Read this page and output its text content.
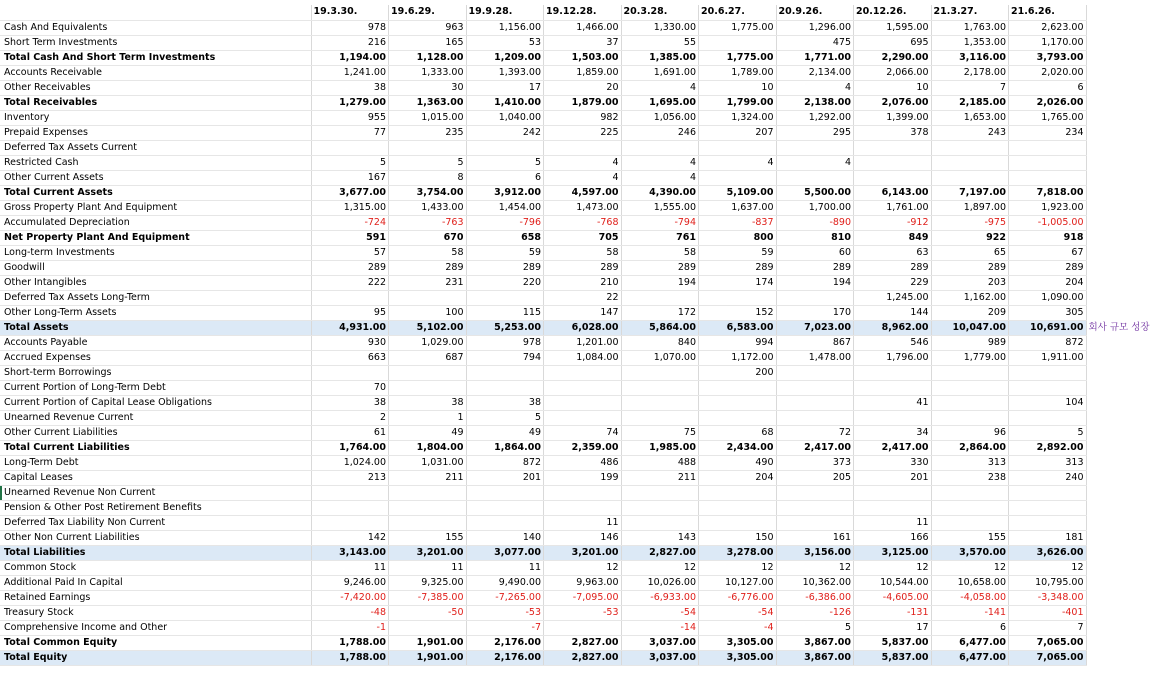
	19.3.30.	19.6.29.	19.9.28.	19.12.28.	20.3.28.	20.6.27.	20.9.26.	20.12.26.	21.3.27.	21.6.26.	
Cash And Equivalents	978	963	1,156.00	1,466.00	1,330.00	1,775.00	1,296.00	1,595.00	1,763.00	2,623.00	
Short Term Investments	216	165	53	37	55		475	695	1,353.00	1,170.00	
Total Cash And Short Term Investments	1,194.00	1,128.00	1,209.00	1,503.00	1,385.00	1,775.00	1,771.00	2,290.00	3,116.00	3,793.00	
Accounts Receivable	1,241.00	1,333.00	1,393.00	1,859.00	1,691.00	1,789.00	2,134.00	2,066.00	2,178.00	2,020.00	
Other Receivables	38	30	17	20	4	10	4	10	7	6	
Total Receivables	1,279.00	1,363.00	1,410.00	1,879.00	1,695.00	1,799.00	2,138.00	2,076.00	2,185.00	2,026.00	
Inventory	955	1,015.00	1,040.00	982	1,056.00	1,324.00	1,292.00	1,399.00	1,653.00	1,765.00	
Prepaid Expenses	77	235	242	225	246	207	295	378	243	234	
Deferred Tax Assets Current											
Restricted Cash	5	5	5	4	4	4	4				
Other Current Assets	167	8	6	4	4						
Total Current Assets	3,677.00	3,754.00	3,912.00	4,597.00	4,390.00	5,109.00	5,500.00	6,143.00	7,197.00	7,818.00	
Gross Property Plant And Equipment	1,315.00	1,433.00	1,454.00	1,473.00	1,555.00	1,637.00	1,700.00	1,761.00	1,897.00	1,923.00	
Accumulated Depreciation	-724	-763	-796	-768	-794	-837	-890	-912	-975	-1,005.00	
Net Property Plant And Equipment	591	670	658	705	761	800	810	849	922	918	
Long-term Investments	57	58	59	58	58	59	60	63	65	67	
Goodwill	289	289	289	289	289	289	289	289	289	289	
Other Intangibles	222	231	220	210	194	174	194	229	203	204	
Deferred Tax Assets Long-Term				22				1,245.00	1,162.00	1,090.00	
Other Long-Term Assets	95	100	115	147	172	152	170	144	209	305	
Total Assets	4,931.00	5,102.00	5,253.00	6,028.00	5,864.00	6,583.00	7,023.00	8,962.00	10,047.00	10,691.00	회사 규모 성장
Accounts Payable	930	1,029.00	978	1,201.00	840	994	867	546	989	872	
Accrued Expenses	663	687	794	1,084.00	1,070.00	1,172.00	1,478.00	1,796.00	1,779.00	1,911.00	
Short-term Borrowings						200					
Current Portion of Long-Term Debt	70										
Current Portion of Capital Lease Obligations	38	38	38					41		104	
Unearned Revenue Current	2	1	5								
Other Current Liabilities	61	49	49	74	75	68	72	34	96	5	
Total Current Liabilities	1,764.00	1,804.00	1,864.00	2,359.00	1,985.00	2,434.00	2,417.00	2,417.00	2,864.00	2,892.00	
Long-Term Debt	1,024.00	1,031.00	872	486	488	490	373	330	313	313	
Capital Leases	213	211	201	199	211	204	205	201	238	240	
Unearned Revenue Non Current											
Pension & Other Post Retirement Benefits											
Deferred Tax Liability Non Current				11				11			
Other Non Current Liabilities	142	155	140	146	143	150	161	166	155	181	
Total Liabilities	3,143.00	3,201.00	3,077.00	3,201.00	2,827.00	3,278.00	3,156.00	3,125.00	3,570.00	3,626.00	
Common Stock	11	11	11	12	12	12	12	12	12	12	
Additional Paid In Capital	9,246.00	9,325.00	9,490.00	9,963.00	10,026.00	10,127.00	10,362.00	10,544.00	10,658.00	10,795.00	
Retained Earnings	-7,420.00	-7,385.00	-7,265.00	-7,095.00	-6,933.00	-6,776.00	-6,386.00	-4,605.00	-4,058.00	-3,348.00	
Treasury Stock	-48	-50	-53	-53	-54	-54	-126	-131	-141	-401	
Comprehensive Income and Other	-1		-7		-14	-4	5	17	6	7	
Total Common Equity	1,788.00	1,901.00	2,176.00	2,827.00	3,037.00	3,305.00	3,867.00	5,837.00	6,477.00	7,065.00	
Total Equity	1,788.00	1,901.00	2,176.00	2,827.00	3,037.00	3,305.00	3,867.00	5,837.00	6,477.00	7,065.00	
